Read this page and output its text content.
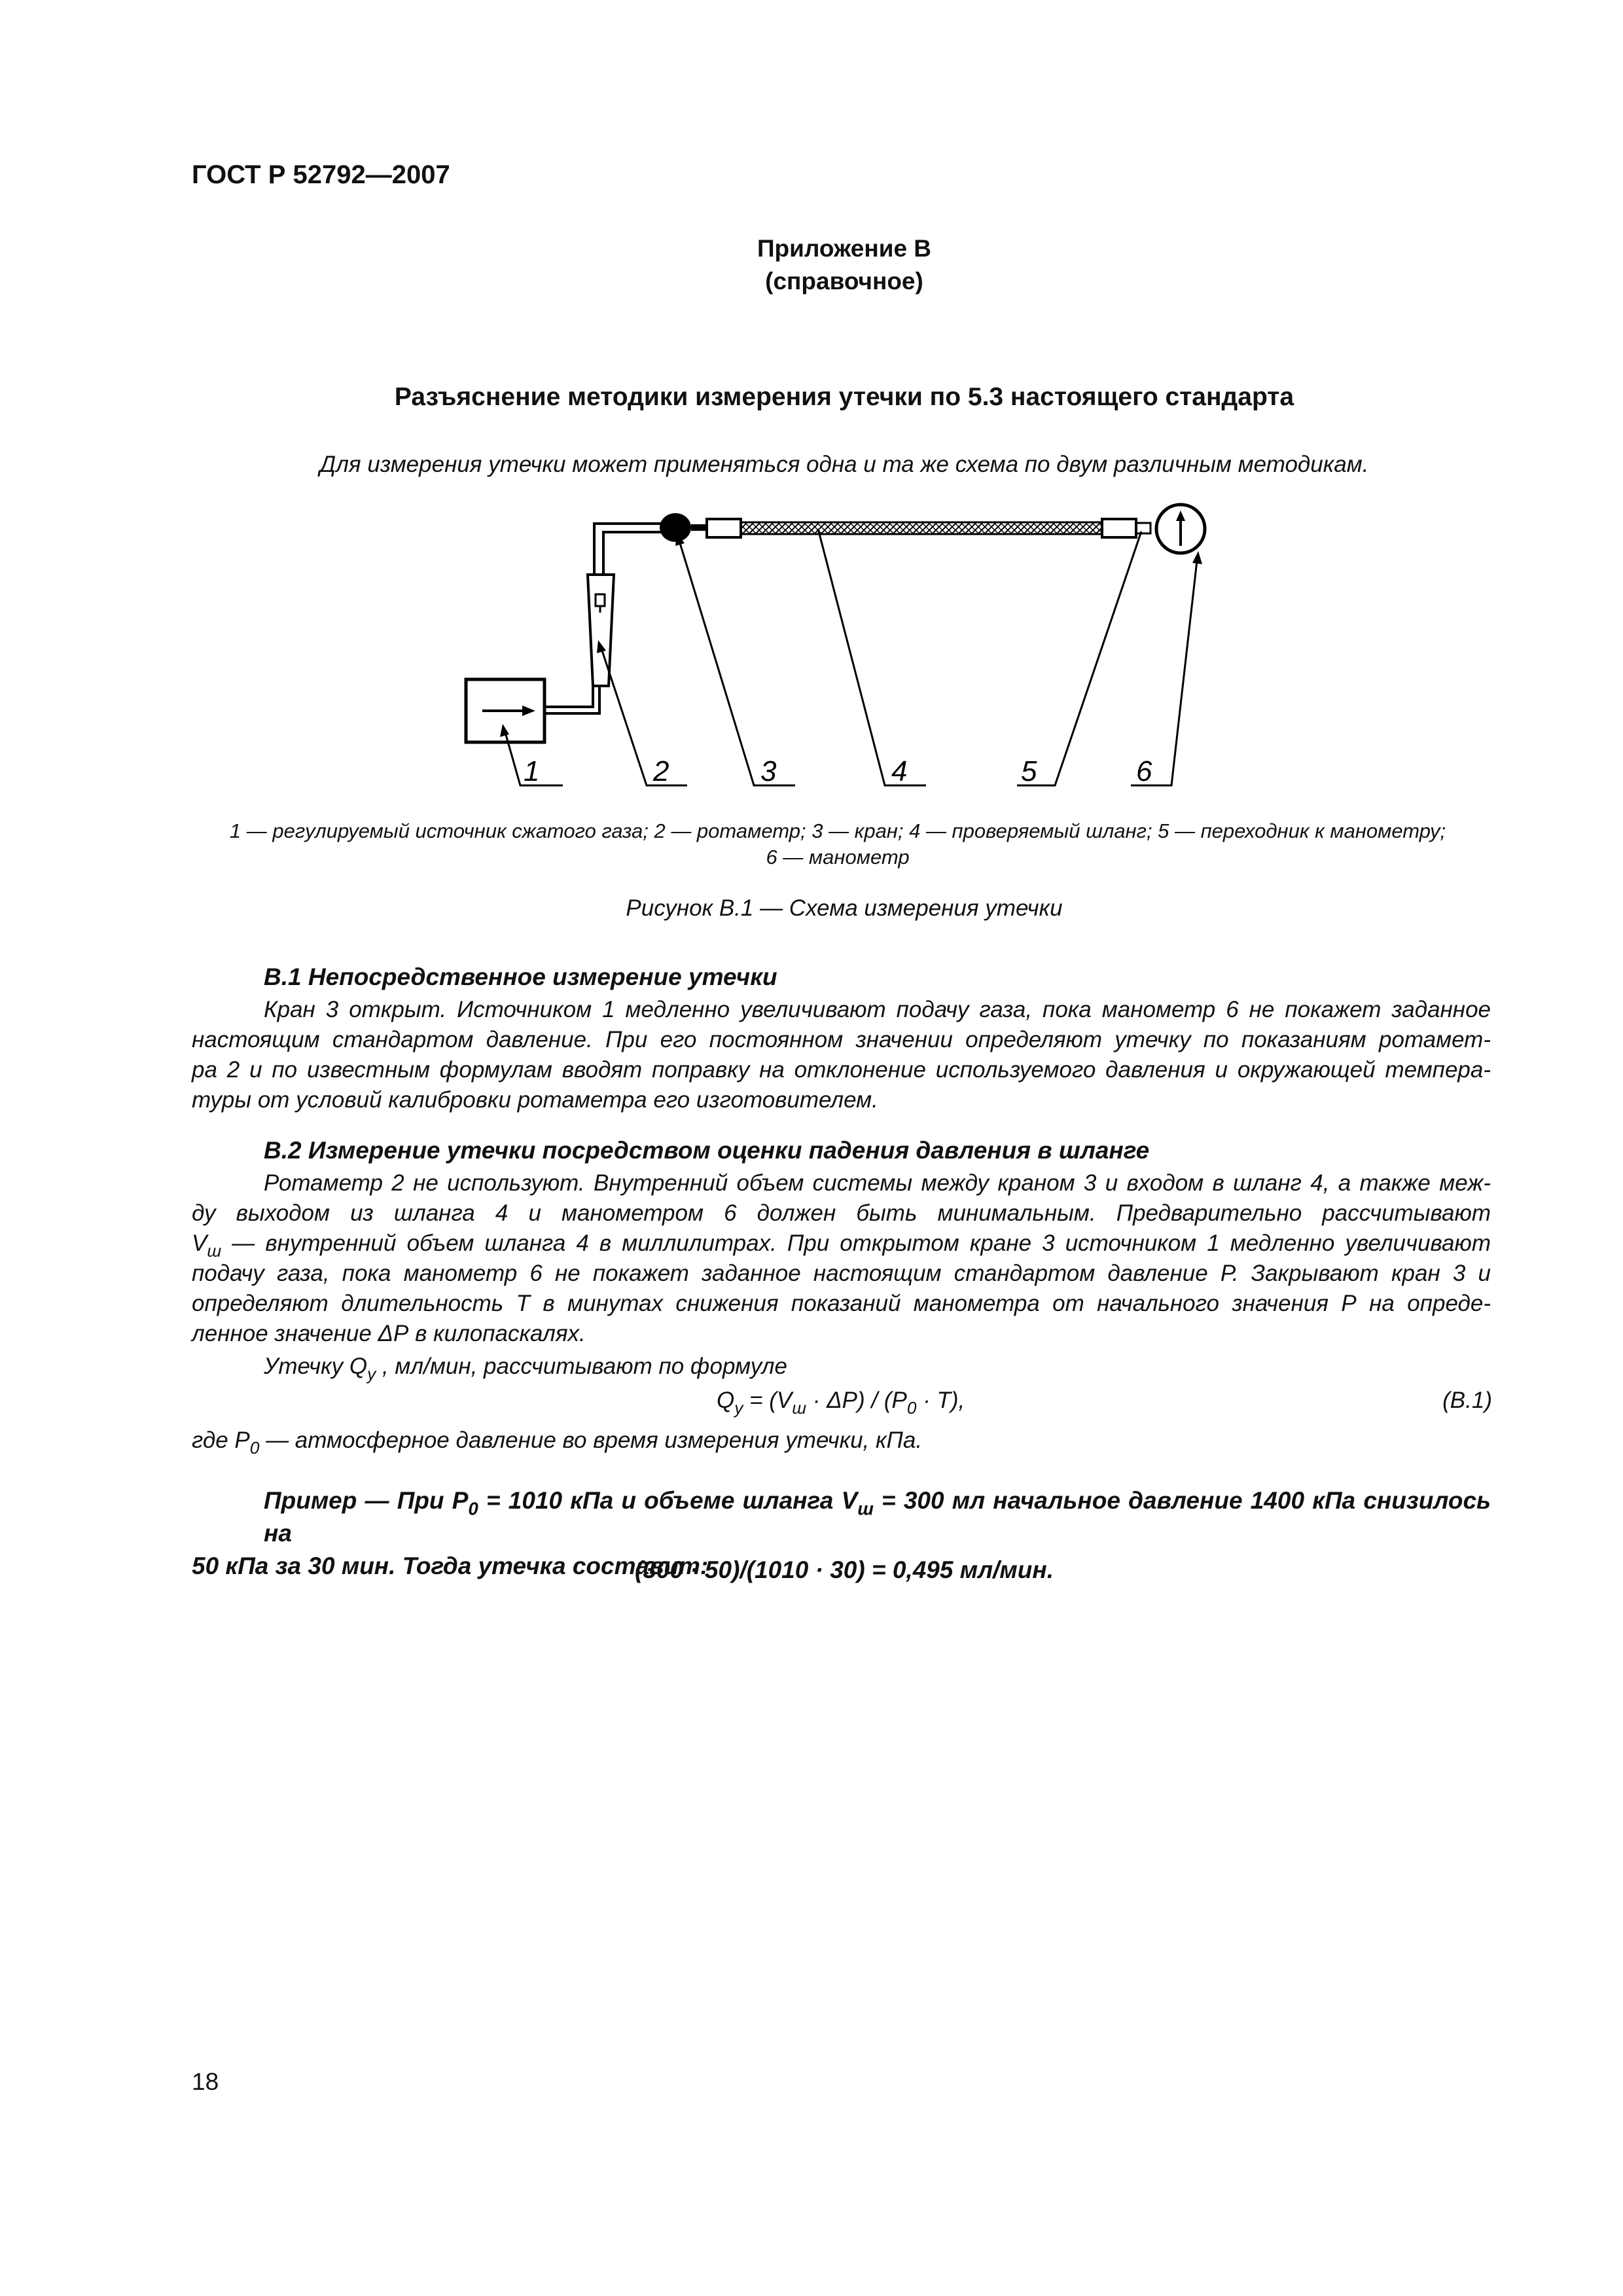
ГОСТ Р 52792—2007
Приложение В
(справочное)
Разъяснение методики измерения утечки по 5.3 настоящего стандарта
Для измерения утечки может применяться одна и та же схема по двум различным методикам.
1	2	3	4	5	6
1 — регулируемый источник сжатого газа; 2 — ротаметр; 3 — кран; 4 — проверяемый шланг; 5 — переходник к манометру;
6 — манометр
Рисунок В.1 — Схема измерения утечки
В.1 Непосредственное измерение утечки
Кран 3 открыт. Источником 1 медленно увеличивают подачу газа, пока манометр 6 не покажет заданное
настоящим стандартом давление. При его постоянном значении определяют утечку по показаниям ротамет-
ра 2 и по известным формулам вводят поправку на отклонение используемого давления и окружающей темпера-
туры от условий калибровки ротаметра его изготовителем.
В.2 Измерение утечки посредством оценки падения давления в шланге
Ротаметр 2 не используют. Внутренний объем системы между краном 3 и входом в шланг 4, а также меж-
ду выходом из шланга 4 и манометром 6 должен быть минимальным. Предварительно рассчитывают
$V_ш$ — внутренний объем шланга 4 в миллилитрах. При открытом кране 3 источником 1 медленно увеличивают
подачу газа, пока манометр 6 не покажет заданное настоящим стандартом давление Р. Закрывают кран 3 и
определяют длительность Т в минутах снижения показаний манометра от начального значения Р на опреде-
ленное значение ΔР в килопаскалях.
Утечку $Q_у$ , мл/мин, рассчитывают по формуле
$Q_у = (V_ш \cdot \Delta P) / (P_0 \cdot T)$,	(B.1)
где $P_0$ — атмосферное давление во время измерения утечки, кПа.
Пример — При $P_0 = 1010$ кПа и объеме шланга $V_ш = 300$ мл начальное давление 1400 кПа снизилось на
50 кПа за 30 мин. Тогда утечка составит:
(300 · 50)/(1010 · 30) = 0,495 мл/мин.
18
